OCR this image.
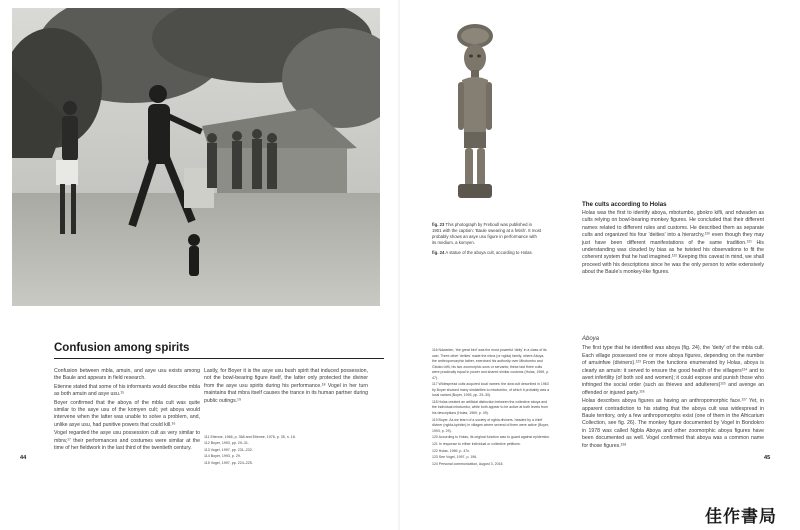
Confusion among spirits

Confusion between mbla, amuin, and asye usu exists among the Baule and appears in field research.

Etienne stated that some of his informants would describe mbla as both amuin and asye usu.¹⁵

Boyer confirmed that the aboya of the mbla cult was quite similar to the asye usu of the komyen cult; yet aboya would intervene when the latter was unable to solve a problem, and, unlike asye usu, had punitive powers that could kill.¹⁶

Vogel regarded the asye usu possession cult as very similar to mbra;¹⁷ their performances and costumes were similar at the time of her fieldwork in the last third of the twentieth century.

Lastly, for Boyer it is the asye usu bush spirit that induced possession, not the bowl-bearing figure itself, the latter only protected the diviner from the asye usu spirits during his performance.¹⁸ Vogel in her turn maintains that mbra itself causes the trance in its human partner during public outings.¹⁹

111 Etienne, 1966, p. 368 and Etienne, 1976, p. 35, n. 18.
112 Boyer, 1993, pp. 29–31.
113 Vogel, 1997, pp. 231–232.
114 Boyer, 1993, p. 29.
115 Vogel, 1997, pp. 224–225.
44
fig. 23 This photograph by Freboull was published in 1901 with the caption: 'Baule swearing at a fetish'. It most probably shows an asye usu figure in performance with its medium, a komyen.
fig. 24 A statue of the aboya cult, according to Holas.
The cults according to Holas

Holas was the first to identify aboya, mbotumbo, gbokro kifli, and ndwaden as cults relying on bowl-bearing monkey figures. He concluded that their different names related to different rules and customs. He described them as separate cults and organized his four 'deities' into a hierarchy,¹²⁰ even though they may just have been different manifestations of the same tradition.¹²¹ His understanding was clouded by bias as he twisted his observations to fit the coherent system that he had imagined.¹²² Keeping this caveat in mind, we shall proceed with his descriptions since he was the only person to write extensively about the Baule's monkey-like figures.

Aboya

The first type that he identified was aboya (fig. 24), the 'deity' of the mbla cult. Each village possessed one or more aboya figures, depending on the number of amuinfwe (diviners).¹²³ From the functions enumerated by Holas, aboya is clearly an amuin: it served to ensure the good health of the villagers¹²⁴ and to avert infertility (of both soil and women); it could expose and punish those who infringed the social order (such as thieves and adulterers)¹²⁵ and avenge an offended or injured party.¹²⁶

Holas describes aboya figures as having an anthropomorphic face.¹²⁷ Yet, in apparent contradiction to his stating that the aboya cult was widespread in Baule territory, only a few anthropomorphs exist (one of them in the Africarium Collection, see fig. 26). The monkey figure documented by Vogel in Bondokro in 1978 was called Ngbla Aboya and other zoomorphic aboya figures have been documented as well. Vogel confirmed that aboya was a common name for those figures.¹²⁸

116 Ndwaden, 'the great bird' was the most powerful 'deity' in a class of its own. Three other 'deities' made the mbra (or ngbla) family, where Aboya, the anthropomorphic father, exercised his authority over Mbotumbo and Gbokro kifli, his two zoomorphic sons or servants; these last three cults were practically equal in power and shared similar customs (Holas, 1969, p. 47).
117 Widespread cults acquired local names: the dwa cult described in 1963 by Boyer showed many similarities to mbotumbo, of which it probably was a local variant (Boyer, 1993, pp. 29–30).
118 Holas created an artificial distinction between the collective aboya and the individual mbotumbo, while both appear to be active at both levels from his descriptions (Holas, 1969, p. 49).
119 Boyer. As we learn of a society of ngbla diviners, headed by a chief diviner (ngbla-kpinbin) in villages where several of them were active (Boyer, 1993, p. 29).
120 According to Holas, its original function was to guard against epidemics.
121 In response to either individual or collective petitions.
122 Holas, 1969, p. 47n.
123 See Vogel, 1997, p. 196.
124 Personal communication, August 3, 2015.
45
佳作書局
